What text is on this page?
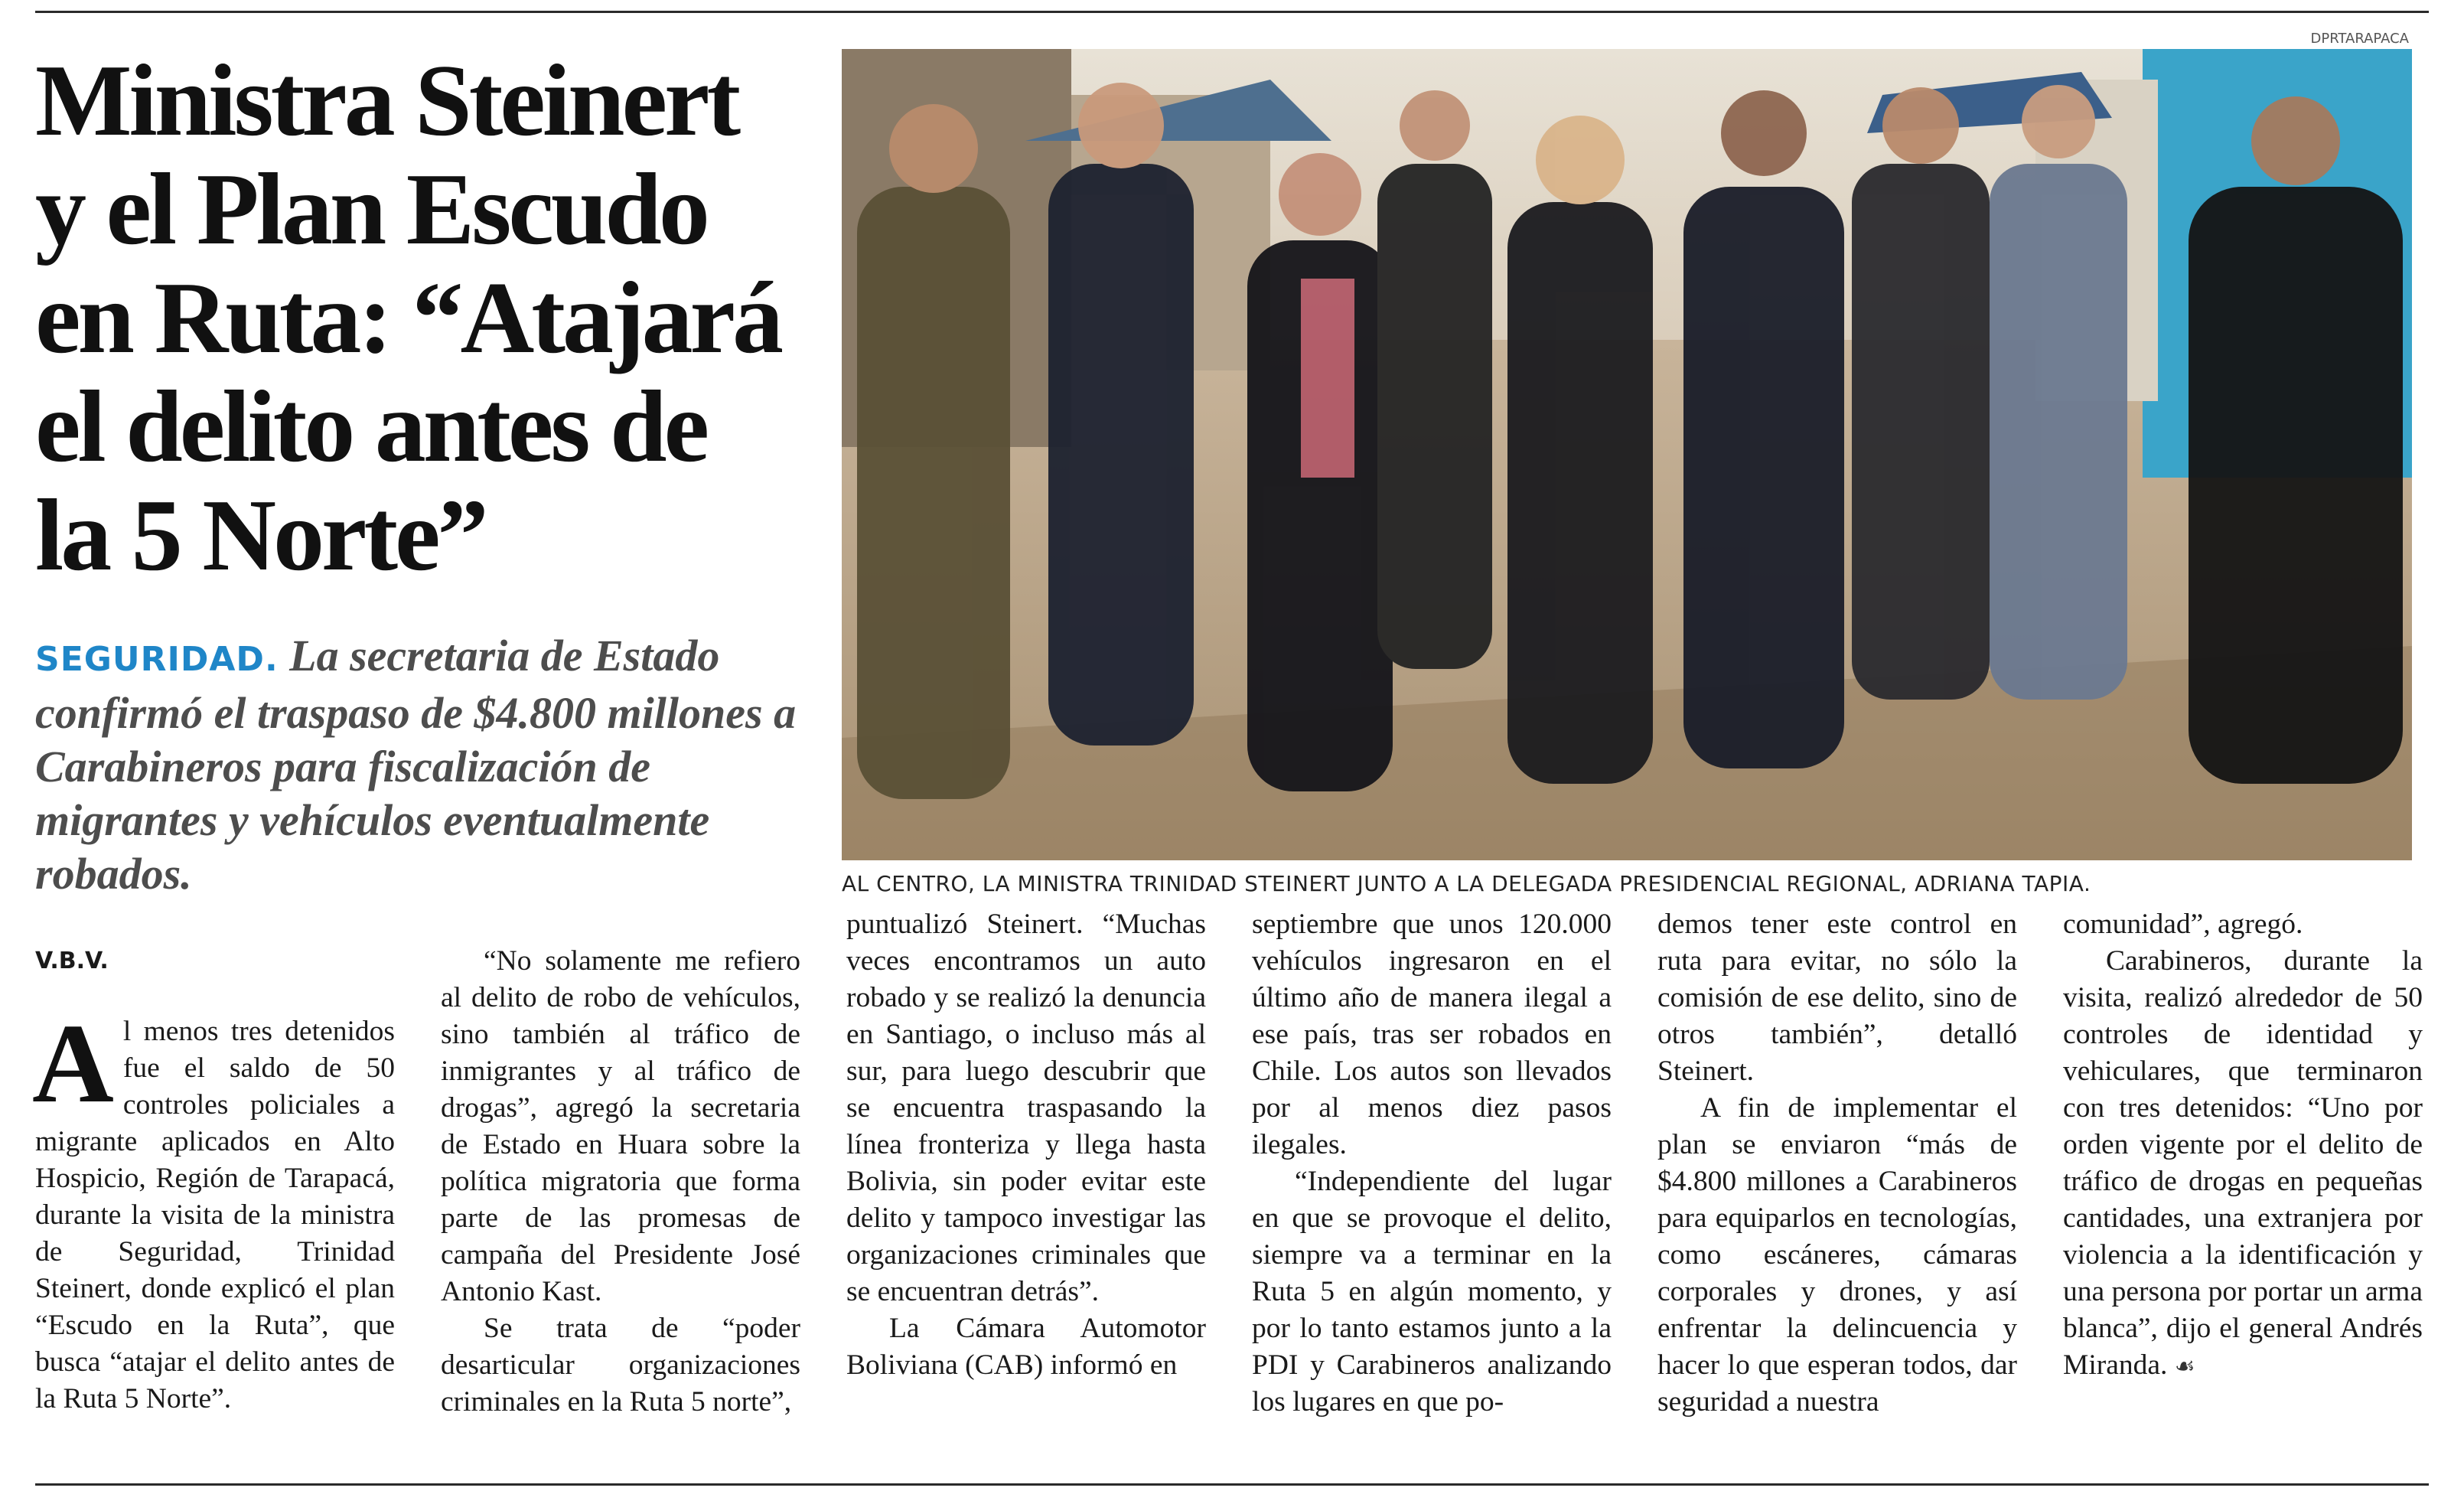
Ministra Steinert y el Plan Escudo en Ruta: “Atajará el delito antes de la 5 Norte”

SEGURIDAD. La secretaria de Estado confirmó el traspaso de $4.800 millones a Carabineros para fiscalización de migrantes y vehículos eventualmente robados.

DPRTARAPACA
AL CENTRO, LA MINISTRA TRINIDAD STEINERT JUNTO A LA DELEGADA PRESIDENCIAL REGIONAL, ADRIANA TAPIA.

V.B.V.

Al menos tres detenidos fue el saldo de 50 controles policiales a migrante aplicados en Alto Hospicio, Región de Tarapacá, durante la visita de la ministra de Seguridad, Trinidad Steinert, donde explicó el plan “Escudo en la Ruta”, que busca “atajar el delito antes de la Ruta 5 Norte”.

“No solamente me refiero al delito de robo de vehículos, sino también al tráfico de inmigrantes y al tráfico de drogas”, agregó la secretaria de Estado en Huara sobre la política migratoria que forma parte de las promesas de campaña del Presidente José Antonio Kast.

Se trata de “poder desarticular organizaciones criminales en la Ruta 5 norte”,

puntualizó Steinert. “Muchas veces encontramos un auto robado y se realizó la denuncia en Santiago, o incluso más al sur, para luego descubrir que se encuentra traspasando la línea fronteriza y llega hasta Bolivia, sin poder evitar este delito y tampoco investigar las organizaciones criminales que se encuentran detrás”.

La Cámara Automotor Boliviana (CAB) informó en

septiembre que unos 120.000 vehículos ingresaron en el último año de manera ilegal a ese país, tras ser robados en Chile. Los autos son llevados por al menos diez pasos ilegales.

“Independiente del lugar en que se provoque el delito, siempre va a terminar en la Ruta 5 en algún momento, y por lo tanto estamos junto a la PDI y Carabineros analizando los lugares en que po-

demos tener este control en ruta para evitar, no sólo la comisión de ese delito, sino de otros también”, detalló Steinert.

A fin de implementar el plan se enviaron “más de $4.800 millones a Carabineros para equiparlos en tecnologías, como escáneres, cámaras corporales y drones, y así enfrentar la delincuencia y hacer lo que esperan todos, dar seguridad a nuestra

comunidad”, agregó.

Carabineros, durante la visita, realizó alrededor de 50 controles de identidad y vehiculares, que terminaron con tres detenidos: “Uno por orden vigente por el delito de tráfico de drogas en pequeñas cantidades, una extranjera por violencia a la identificación y una persona por portar un arma blanca”, dijo el general Andrés Miranda. ☙
